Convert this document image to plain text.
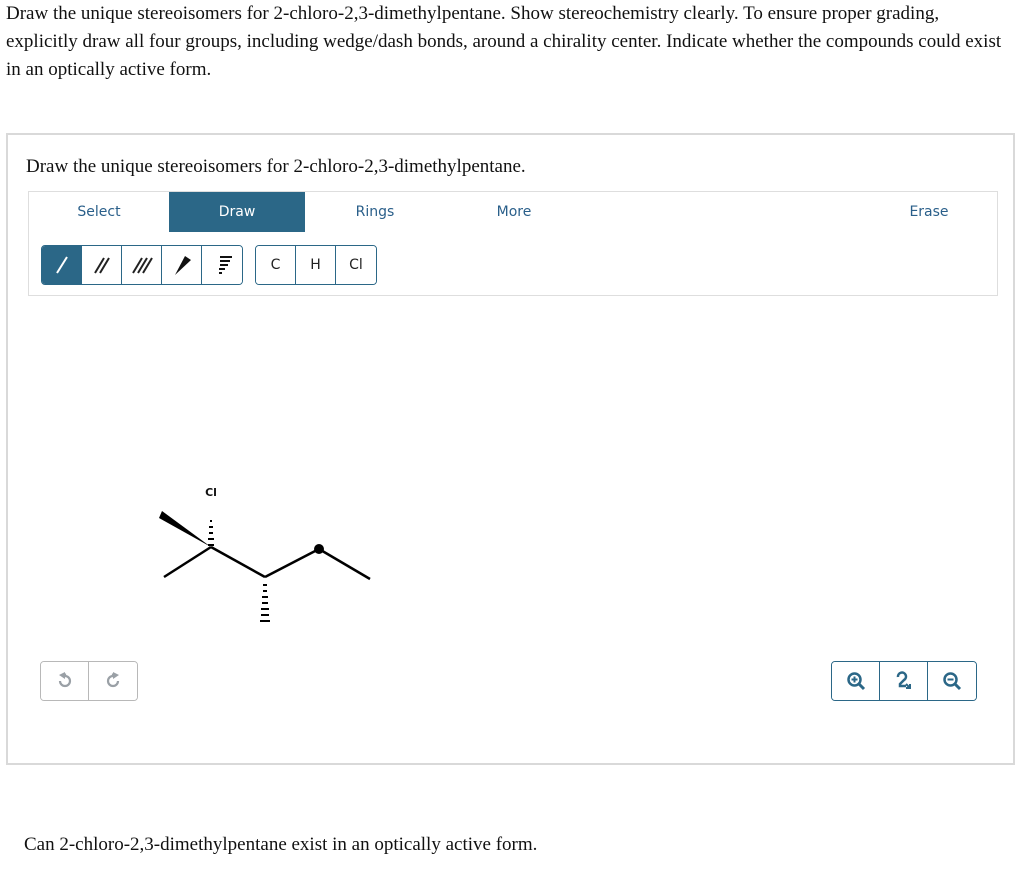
Draw the unique stereoisomers for 2-chloro-2,3-dimethylpentane. Show stereochemistry clearly. To ensure proper grading, explicitly draw all four groups, including wedge/dash bonds, around a chirality center. Indicate whether the compounds could exist in an optically active form.
Draw the unique stereoisomers for 2-chloro-2,3-dimethylpentane.
Select	Draw	Rings	More	Erase
C	H	Cl
Cl
Can 2-chloro-2,3-dimethylpentane exist in an optically active form.
